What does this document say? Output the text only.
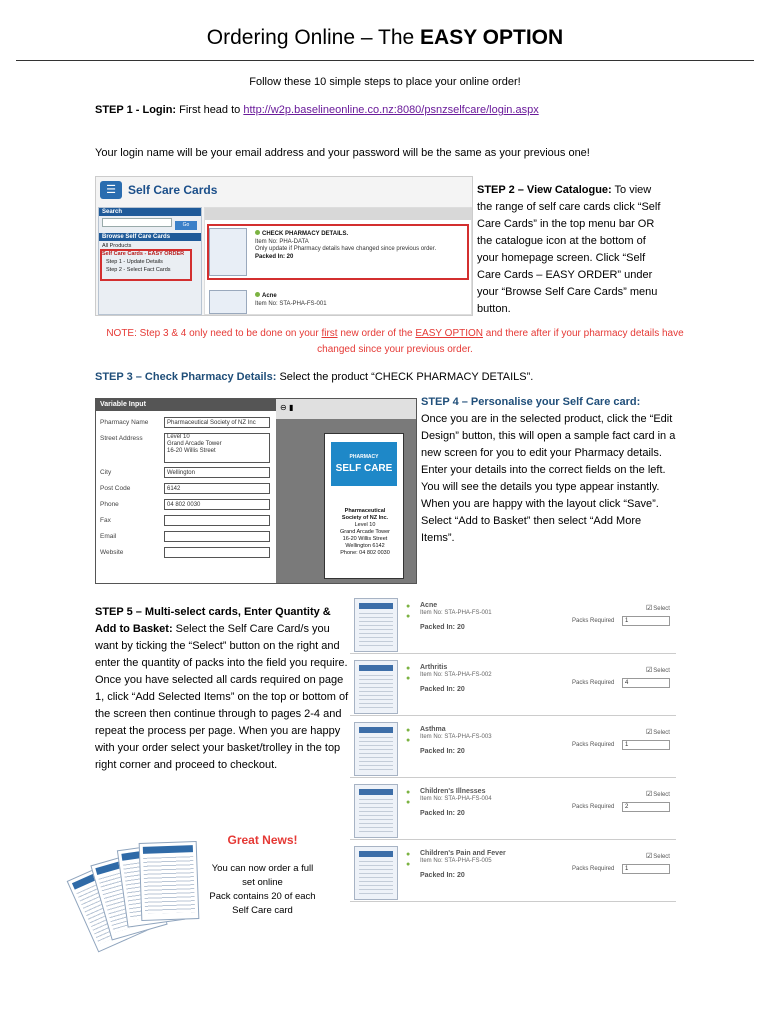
Ordering Online – The EASY OPTION
Follow these 10 simple steps to place your online order!
STEP 1 - Login: First head to http://w2p.baselineonline.co.nz:8080/psnzselfcare/login.aspx
Your login name will be your email address and your password will be the same as your previous one!
☰	Self Care Cards
Search
Go
Browse Self Care Cards
All Products
Self Care Cards - EASY ORDER
Step 1 - Update Details
Step 2 - Select Fact Cards
CHECK PHARMACY DETAILS.
Item No: PHA-DATA
Only update if Pharmacy details have changed since previous order.
Packed In: 20
Acne
Item No: STA-PHA-FS-001
STEP 2 – View Catalogue: To view the range of self care cards click “Self Care Cards” in the top menu bar OR the catalogue icon at the bottom of your homepage screen. Click “Self Care Cards – EASY ORDER” under your “Browse Self Care Cards” menu button.
NOTE: Step 3 & 4 only need to be done on your first new order of the EASY OPTION and there after if your pharmacy details have changed since your previous order.
STEP 3 – Check Pharmacy Details: Select the product “CHECK PHARMACY DETAILS”.
Variable Input
Pharmacy Name	Pharmaceutical Society of NZ Inc
Street Address	Level 10
Grand Arcade Tower
16-20 Willis Street
City	Wellington
Post Code	6142
Phone	04 802 0030
Fax
Email
Website
⊖ ▮
PHARMACY
SELF CARE
Pharmaceutical
Society of NZ Inc.
Level 10
Grand Arcade Tower
16-20 Willis Street
Wellington 6142
Phone: 04 802 0030
STEP 4 – Personalise your Self Care card:
Once you are in the selected product, click the “Edit Design” button, this will open a sample fact card in a new screen for you to edit your Pharmacy details. Enter your details into the correct fields on the left. You will see the details you type appear instantly. When you are happy with the layout click “Save”. Select “Add to Basket” then select “Add More Items”.
STEP 5 – Multi-select cards, Enter Quantity & Add to Basket: Select the Self Care Card/s you want by ticking the “Select” button on the right and enter the quantity of packs into the field you require. Once you have selected all cards required on page 1, click “Add Selected Items” on the top or bottom of the screen then continue through to pages 2-4 and repeat the process per page. When you are happy with your order select your basket/trolley in the top right corner and proceed to checkout.
●
●
Acne
Item No: STA-PHA-FS-001
Packed In: 20
☑ Select
Packs Required	1
●
●
Arthritis
Item No: STA-PHA-FS-002
Packed In: 20
☑ Select
Packs Required	4
●
●
Asthma
Item No: STA-PHA-FS-003
Packed In: 20
☑ Select
Packs Required	1
●
●
Children's Illnesses
Item No: STA-PHA-FS-004
Packed In: 20
☑ Select
Packs Required	2
●
●
Children's Pain and Fever
Item No: STA-PHA-FS-005
Packed In: 20
☑ Select
Packs Required	1
Great News!
You can now order a full
set online
Pack contains 20 of each
Self Care card
